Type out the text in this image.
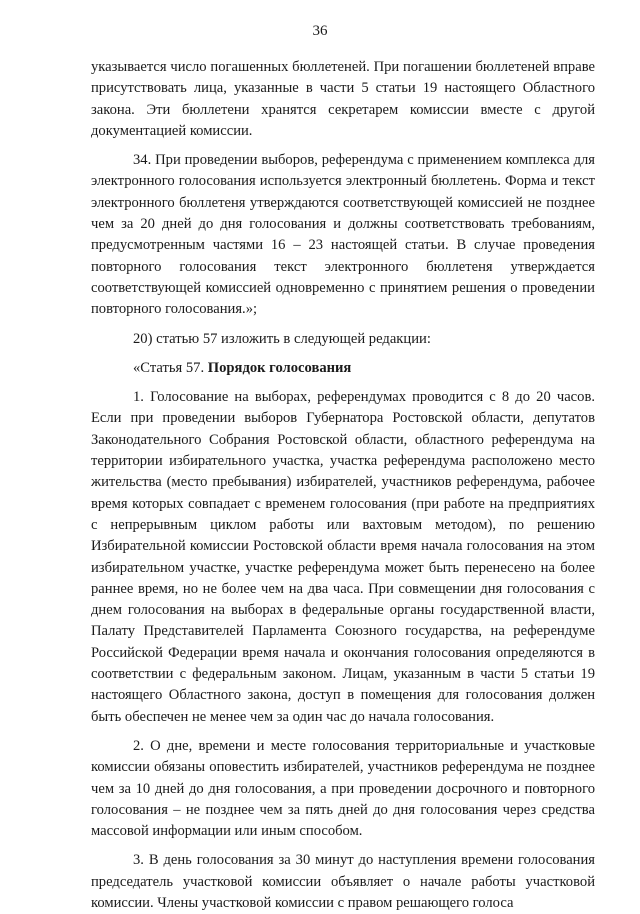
36

указывается число погашенных бюллетеней. При погашении бюллетеней вправе присутствовать лица, указанные в части 5 статьи 19 настоящего Областного закона. Эти бюллетени хранятся секретарем комиссии вместе с другой документацией комиссии.

34. При проведении выборов, референдума с применением комплекса для электронного голосования используется электронный бюллетень. Форма и текст электронного бюллетеня утверждаются соответствующей комиссией не позднее чем за 20 дней до дня голосования и должны соответствовать требованиям, предусмотренным частями 16 – 23 настоящей статьи. В случае проведения повторного голосования текст электронного бюллетеня утверждается соответствующей комиссией одновременно с принятием решения о проведении повторного голосования.»;

20) статью 57 изложить в следующей редакции:

«Статья 57. Порядок голосования

1. Голосование на выборах, референдумах проводится с 8 до 20 часов. Если при проведении выборов Губернатора Ростовской области, депутатов Законодательного Собрания Ростовской области, областного референдума на территории избирательного участка, участка референдума расположено место жительства (место пребывания) избирателей, участников референдума, рабочее время которых совпадает с временем голосования (при работе на предприятиях с непрерывным циклом работы или вахтовым методом), по решению Избирательной комиссии Ростовской области время начала голосования на этом избирательном участке, участке референдума может быть перенесено на более раннее время, но не более чем на два часа. При совмещении дня голосования с днем голосования на выборах в федеральные органы государственной власти, Палату Представителей Парламента Союзного государства, на референдуме Российской Федерации время начала и окончания голосования определяются в соответствии с федеральным законом. Лицам, указанным в части 5 статьи 19 настоящего Областного закона, доступ в помещения для голосования должен быть обеспечен не менее чем за один час до начала голосования.

2. О дне, времени и месте голосования территориальные и участковые комиссии обязаны оповестить избирателей, участников референдума не позднее чем за 10 дней до дня голосования, а при проведении досрочного и повторного голосования – не позднее чем за пять дней до дня голосования через средства массовой информации или иным способом.

3. В день голосования за 30 минут до наступления времени голосования председатель участковой комиссии объявляет о начале работы участковой комиссии. Члены участковой комиссии с правом решающего голоса
